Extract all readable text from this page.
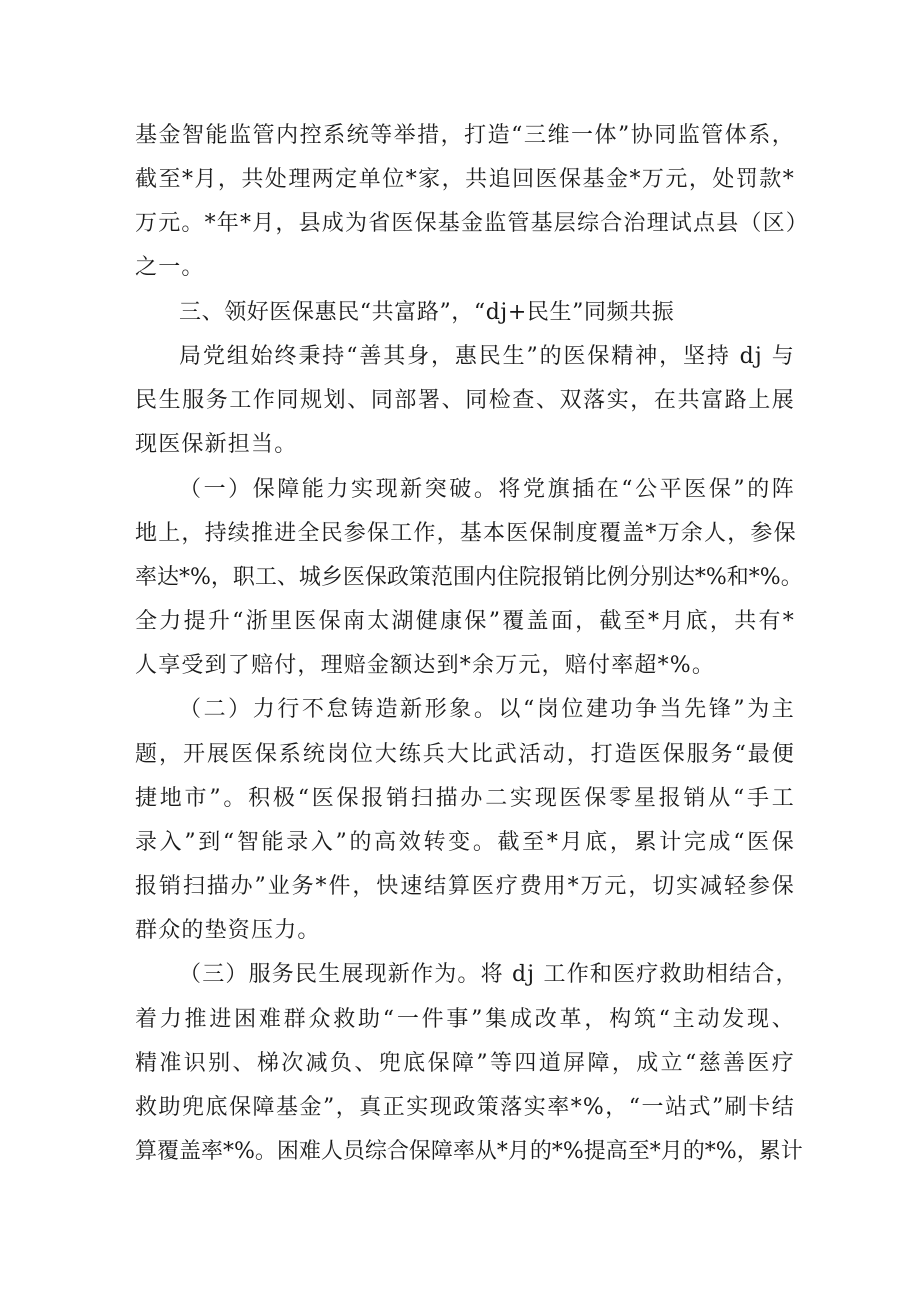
基金智能监管内控系统等举措，打造“三维一体”协同监管体系，
截至*月，共处理两定单位*家，共追回医保基金*万元，处罚款*
万元。*年*月，县成为省医保基金监管基层综合治理试点县（区）
之一。
三、领好医保惠民“共富路”，“dj+民生”同频共振
局党组始终秉持“善其身，惠民生”的医保精神，坚持 dj 与
民生服务工作同规划、同部署、同检查、双落实，在共富路上展
现医保新担当。
（一）保障能力实现新突破。将党旗插在“公平医保”的阵
地上，持续推进全民参保工作，基本医保制度覆盖*万余人，参保
率达*%，职工、城乡医保政策范围内住院报销比例分别达*%和*%。
全力提升“浙里医保南太湖健康保”覆盖面，截至*月底，共有*
人享受到了赔付，理赔金额达到*余万元，赔付率超*%。
（二）力行不怠铸造新形象。以“岗位建功争当先锋”为主
题，开展医保系统岗位大练兵大比武活动，打造医保服务“最便
捷地市”。积极“医保报销扫描办二实现医保零星报销从“手工
录入”到“智能录入”的高效转变。截至*月底，累计完成“医保
报销扫描办”业务*件，快速结算医疗费用*万元，切实减轻参保
群众的垫资压力。
（三）服务民生展现新作为。将 dj 工作和医疗救助相结合，
着力推进困难群众救助“一件事”集成改革，构筑“主动发现、
精准识别、梯次减负、兜底保障”等四道屏障，成立“慈善医疗
救助兜底保障基金”，真正实现政策落实率*%，“一站式”刷卡结
算覆盖率*%。困难人员综合保障率从*月的*%提高至*月的*%，累计
